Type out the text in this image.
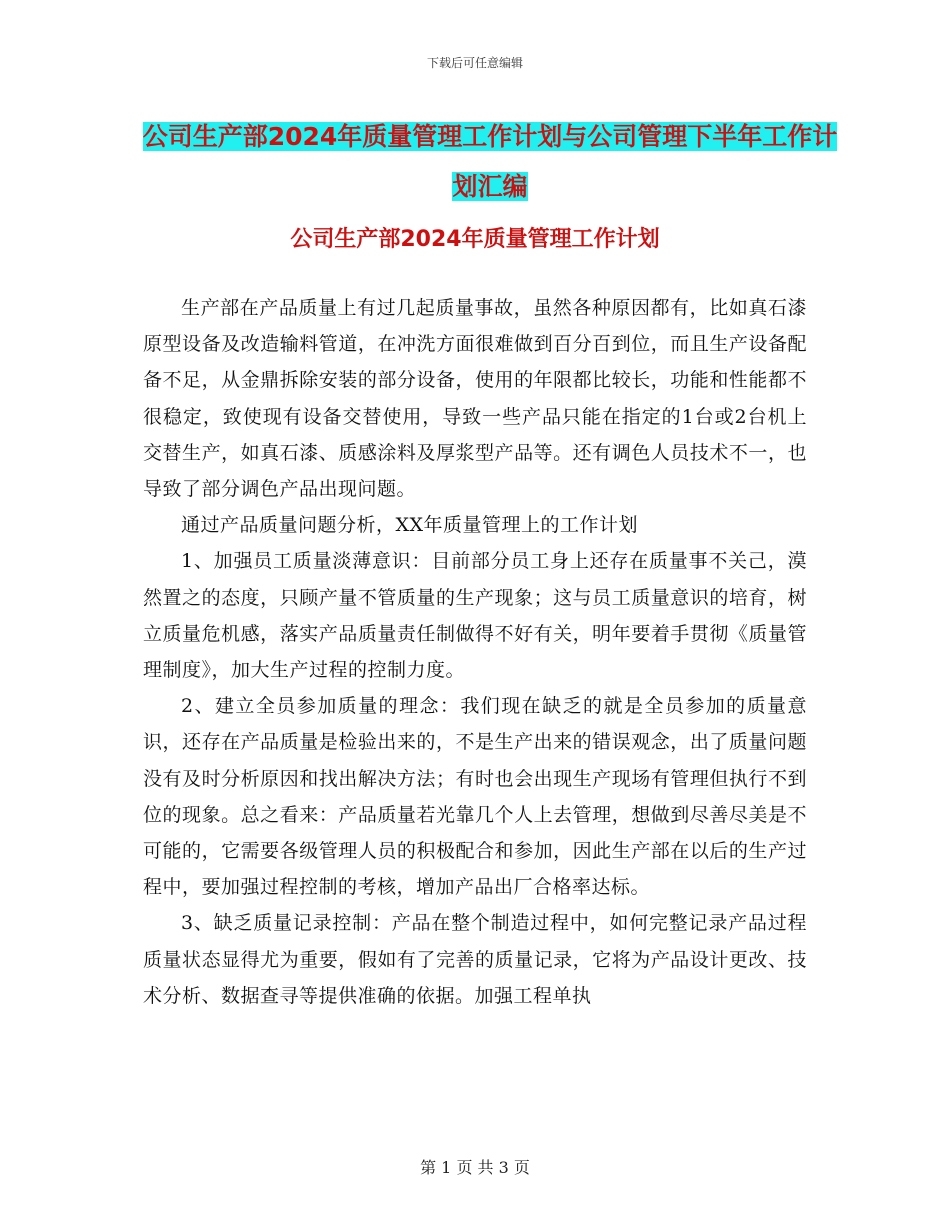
下载后可任意编辑
公司生产部2024年质量管理工作计划与公司管理下半年工作计划汇编
公司生产部2024年质量管理工作计划

生产部在产品质量上有过几起质量事故，虽然各种原因都有，比如真石漆原型设备及改造输料管道，在冲洗方面很难做到百分百到位，而且生产设备配备不足，从金鼎拆除安装的部分设备，使用的年限都比较长，功能和性能都不很稳定，致使现有设备交替使用，导致一些产品只能在指定的1台或2台机上交替生产，如真石漆、质感涂料及厚浆型产品等。还有调色人员技术不一，也导致了部分调色产品出现问题。

通过产品质量问题分析，XX年质量管理上的工作计划

1、加强员工质量淡薄意识：目前部分员工身上还存在质量事不关己，漠然置之的态度，只顾产量不管质量的生产现象；这与员工质量意识的培育，树立质量危机感，落实产品质量责任制做得不好有关，明年要着手贯彻《质量管理制度》，加大生产过程的控制力度。

2、建立全员参加质量的理念：我们现在缺乏的就是全员参加的质量意识，还存在产品质量是检验出来的，不是生产出来的错误观念，出了质量问题没有及时分析原因和找出解决方法；有时也会出现生产现场有管理但执行不到位的现象。总之看来：产品质量若光靠几个人上去管理，想做到尽善尽美是不可能的，它需要各级管理人员的积极配合和参加，因此生产部在以后的生产过程中，要加强过程控制的考核，增加产品出厂合格率达标。

3、缺乏质量记录控制：产品在整个制造过程中，如何完整记录产品过程质量状态显得尤为重要，假如有了完善的质量记录，它将为产品设计更改、技术分析、数据查寻等提供准确的依据。加强工程单执

第 1 页 共 3 页
